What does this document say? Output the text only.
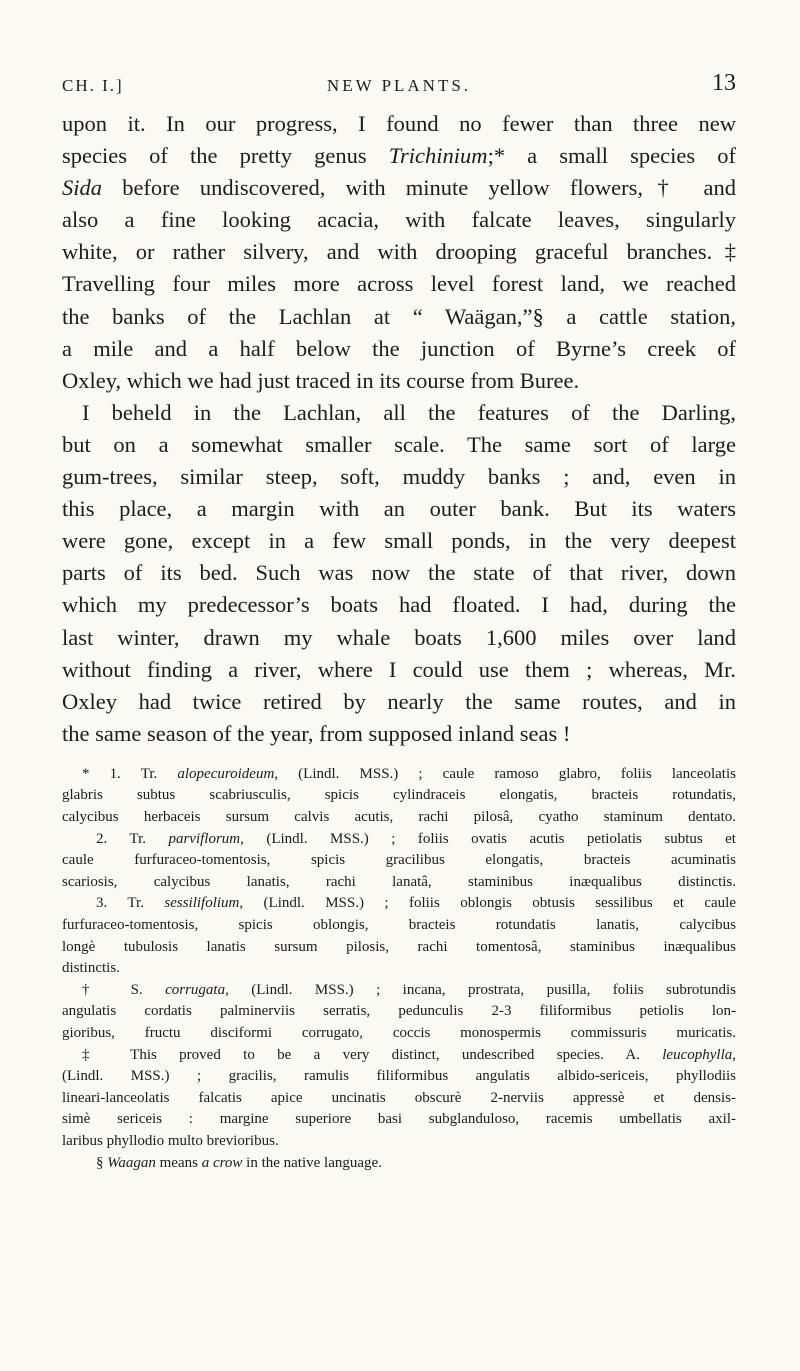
CH. I.]	NEW PLANTS.	13
upon it. In our progress, I found no fewer than three new
species of the pretty genus Trichinium;* a small species of
Sida before undiscovered, with minute yellow flowers,† and
also a fine looking acacia, with falcate leaves, singularly
white, or rather silvery, and with drooping graceful branches.‡
Travelling four miles more across level forest land, we reached
the banks of the Lachlan at “ Waägan,”§ a cattle station,
a mile and a half below the junction of Byrne’s creek of
Oxley, which we had just traced in its course from Buree.
I beheld in the Lachlan, all the features of the Darling,
but on a somewhat smaller scale. The same sort of large
gum-trees, similar steep, soft, muddy banks ; and, even in
this place, a margin with an outer bank. But its waters
were gone, except in a few small ponds, in the very deepest
parts of its bed. Such was now the state of that river, down
which my predecessor’s boats had floated. I had, during the
last winter, drawn my whale boats 1,600 miles over land
without finding a river, where I could use them ; whereas, Mr.
Oxley had twice retired by nearly the same routes, and in
the same season of the year, from supposed inland seas !
* 1. Tr. alopecuroideum, (Lindl. MSS.) ; caule ramoso glabro, foliis lanceolatis
glabris subtus scabriusculis, spicis cylindraceis elongatis, bracteis rotundatis,
calycibus herbaceis sursum calvis acutis, rachi pilosâ, cyatho staminum dentato.
2. Tr. parviflorum, (Lindl. MSS.) ; foliis ovatis acutis petiolatis subtus et
caule furfuraceo-tomentosis, spicis gracilibus elongatis, bracteis acuminatis
scariosis, calycibus lanatis, rachi lanatâ, staminibus inæqualibus distinctis.
3. Tr. sessilifolium, (Lindl. MSS.) ; foliis oblongis obtusis sessilibus et caule
furfuraceo-tomentosis, spicis oblongis, bracteis rotundatis lanatis, calycibus
longè tubulosis lanatis sursum pilosis, rachi tomentosâ, staminibus inæqualibus
distinctis.
† S. corrugata, (Lindl. MSS.) ; incana, prostrata, pusilla, foliis subrotundis
angulatis cordatis palminerviis serratis, pedunculis 2-3 filiformibus petiolis lon-
gioribus, fructu disciformi corrugato, coccis monospermis commissuris muricatis.
‡ This proved to be a very distinct, undescribed species. A. leucophylla,
(Lindl. MSS.) ; gracilis, ramulis filiformibus angulatis albido-sericeis, phyllodiis
lineari-lanceolatis falcatis apice uncinatis obscurè 2-nerviis appressè et densis-
simè sericeis : margine superiore basi subglanduloso, racemis umbellatis axil-
laribus phyllodio multo brevioribus.
§ Waagan means a crow in the native language.
